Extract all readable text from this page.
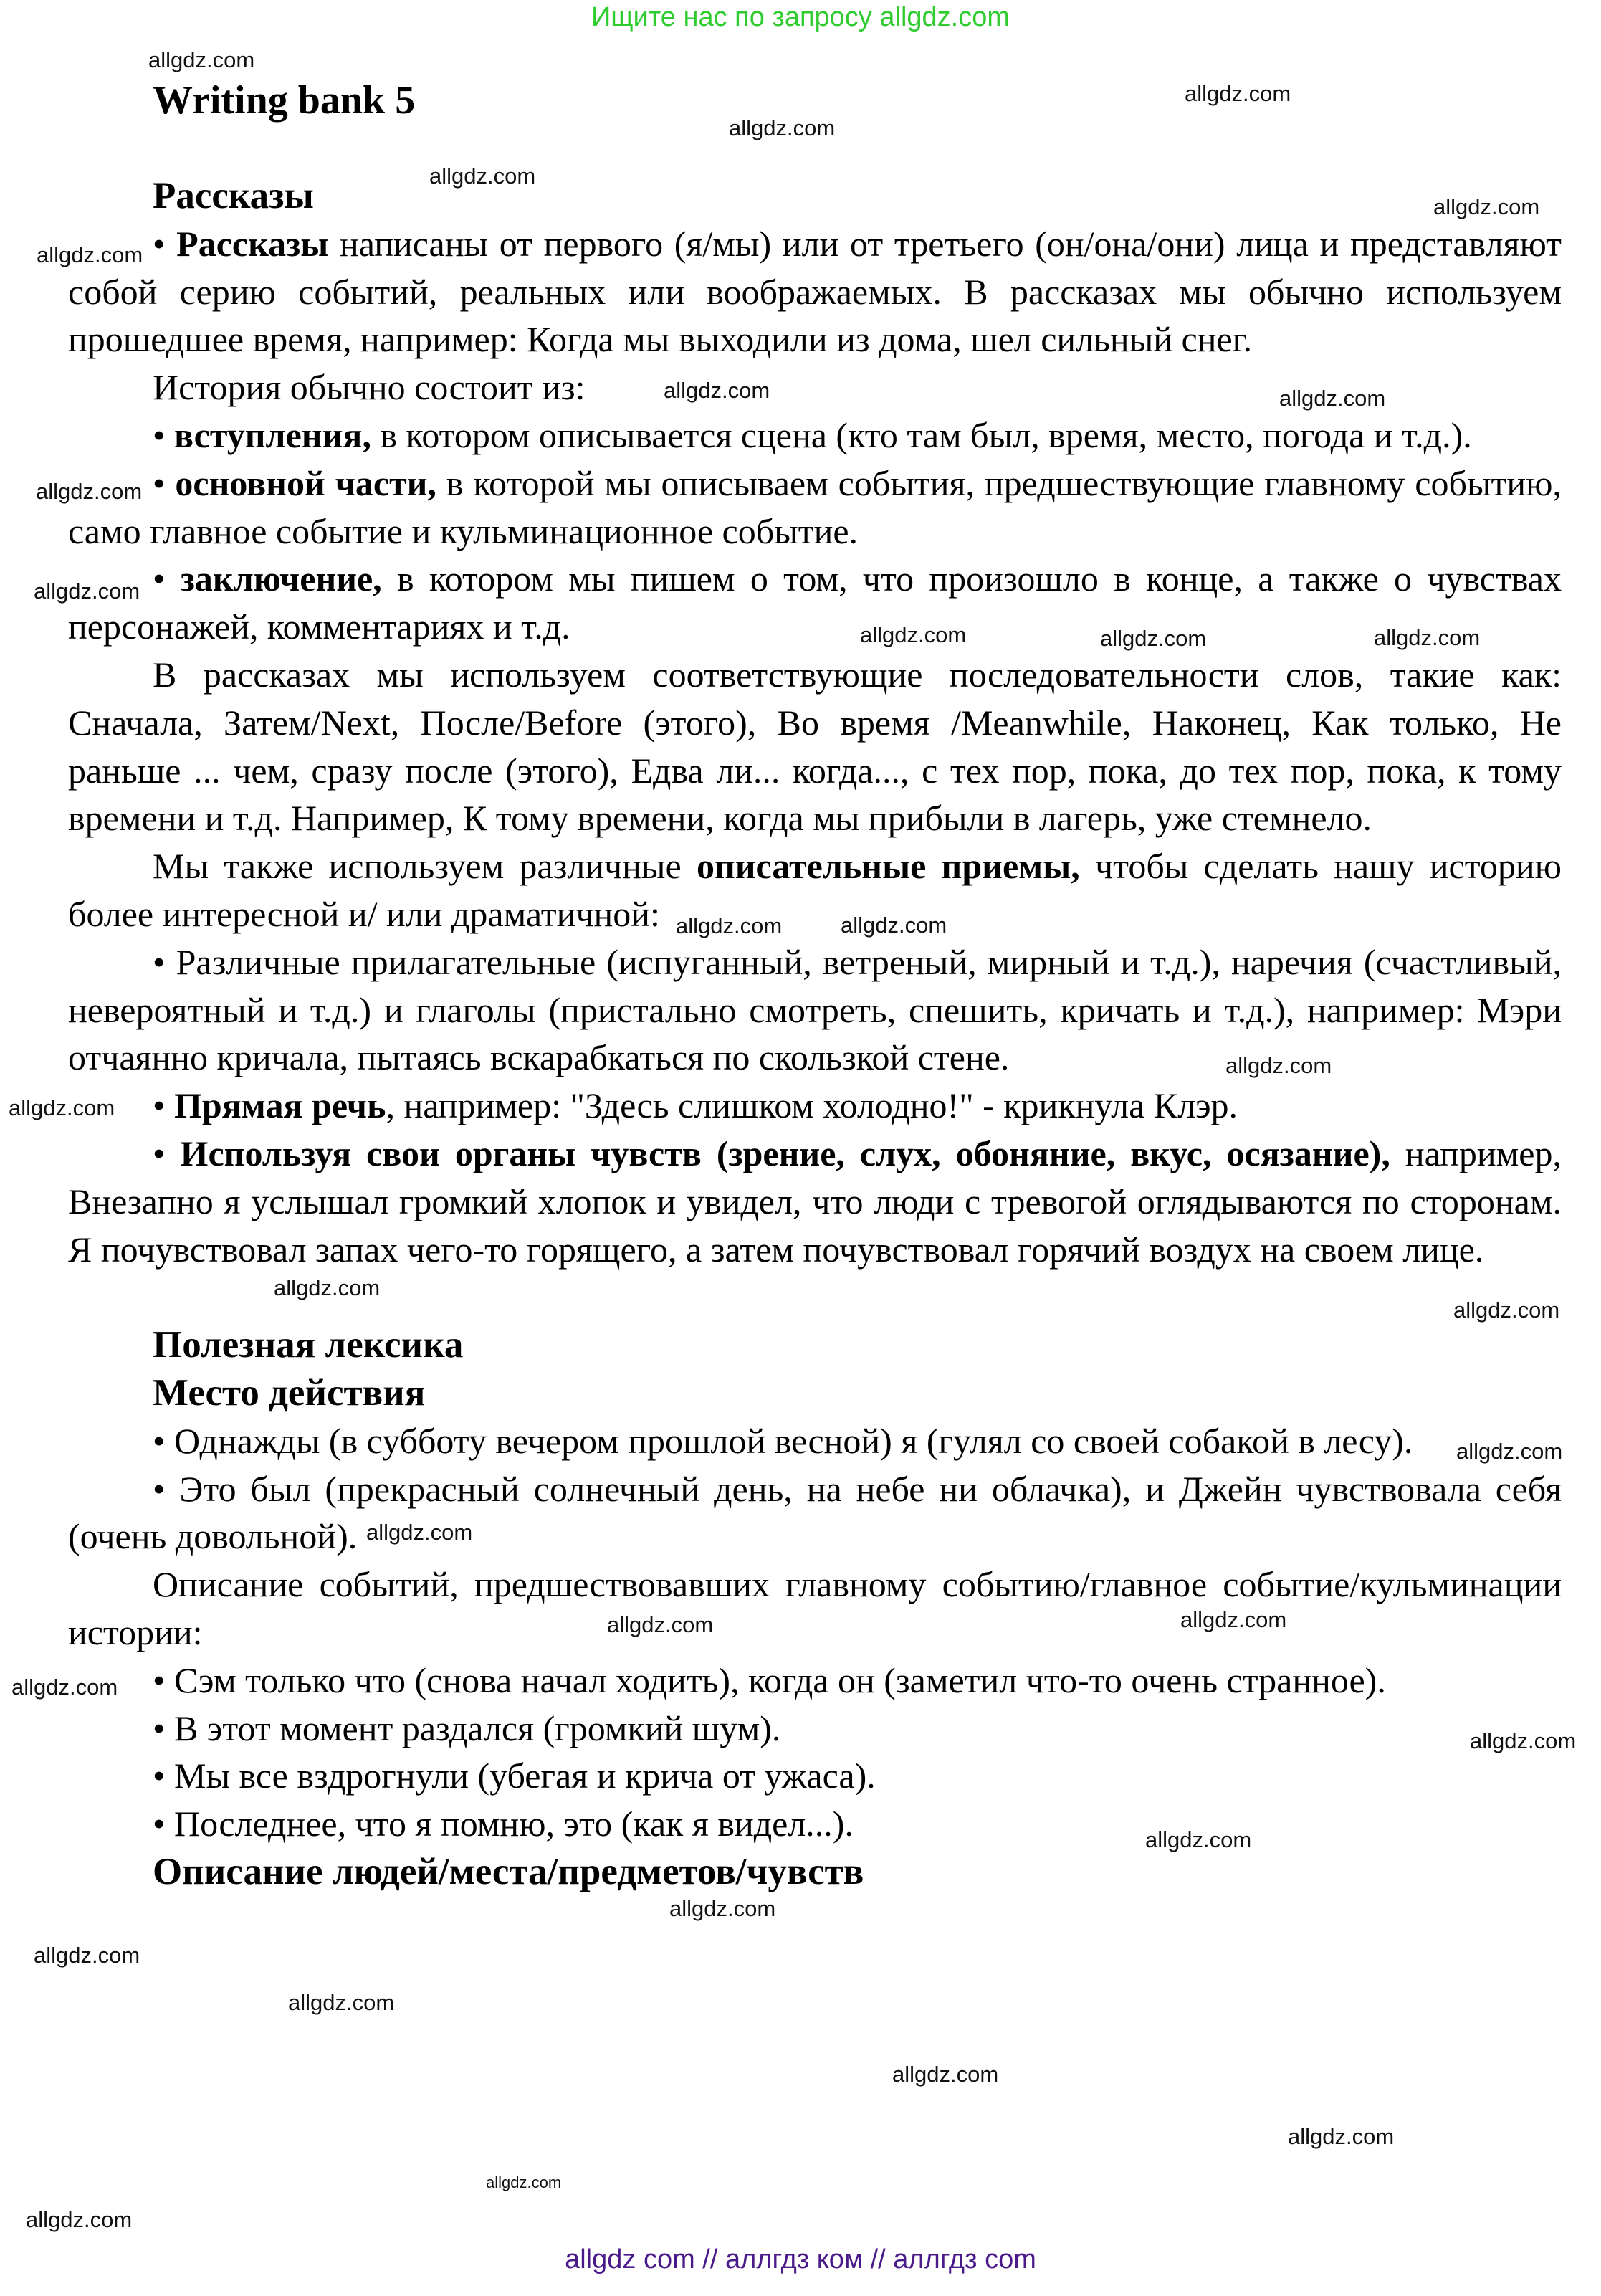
Ищите нас по запросу allgdz.com
Writing bank 5

Рассказы

• Рассказы написаны от первого (я/мы) или от третьего (он/она/они) лица и представляют собой серию событий, реальных или воображаемых. В рассказах мы обычно используем прошедшее время, например: Когда мы выходили из дома, шел сильный снег.

История обычно состоит из:

• вступления, в котором описывается сцена (кто там был, время, место, погода и т.д.).

• основной части, в которой мы описываем события, предшествующие главному событию, само главное событие и кульминационное событие.

• заключение, в котором мы пишем о том, что произошло в конце, а также о чувствах персонажей, комментариях и т.д.

В рассказах мы используем соответствующие последовательности слов, такие как: Сначала, Затем/Next, После/Before (этого), Во время /Meanwhile, Наконец, Как только, Не раньше ... чем, сразу после (этого), Едва ли... когда..., с тех пор, пока, до тех пор, пока, к тому времени и т.д. Например, К тому времени, когда мы прибыли в лагерь, уже стемнело.

Мы также используем различные описательные приемы, чтобы сделать нашу историю более интересной и/ или драматичной:

• Различные прилагательные (испуганный, ветреный, мирный и т.д.), наречия (счастливый, невероятный и т.д.) и глаголы (пристально смотреть, спешить, кричать и т.д.), например: Мэри отчаянно кричала, пытаясь вскарабкаться по скользкой стене.

• Прямая речь, например: "Здесь слишком холодно!" - крикнула Клэр.

• Используя свои органы чувств (зрение, слух, обоняние, вкус, осязание), например, Внезапно я услышал громкий хлопок и увидел, что люди с тревогой оглядываются по сторонам. Я почувствовал запах чего-то горящего, а затем почувствовал горячий воздух на своем лице.

Полезная лексика

Место действия

• Однажды (в субботу вечером прошлой весной) я (гулял со своей собакой в лесу).

• Это был (прекрасный солнечный день, на небе ни облачка), и Джейн чувствовала себя (очень довольной).

Описание событий, предшествовавших главному событию/главное событие/кульминации истории:

• Сэм только что (снова начал ходить), когда он (заметил что-то очень странное).

• В этот момент раздался (громкий шум).

• Мы все вздрогнули (убегая и крича от ужаса).

• Последнее, что я помню, это (как я видел...).

Описание людей/места/предметов/чувств

allgdz.com
allgdz.com
allgdz.com
allgdz.com
allgdz.com
allgdz.com
allgdz.com	allgdz.com
allgdz.com
allgdz.com
allgdz.com
allgdz.com
allgdz.com
allgdz.com	allgdz.com
allgdz.com
allgdz.com
allgdz.com
allgdz.com
allgdz.com
allgdz.com
allgdz.com
allgdz.com
allgdz.com
allgdz.com
allgdz.com
allgdz.com
allgdz.com
allgdz.com
allgdz.com
allgdz.com
allgdz.com
allgdz.com
allgdz com // аллгдз ком // аллгдз com
